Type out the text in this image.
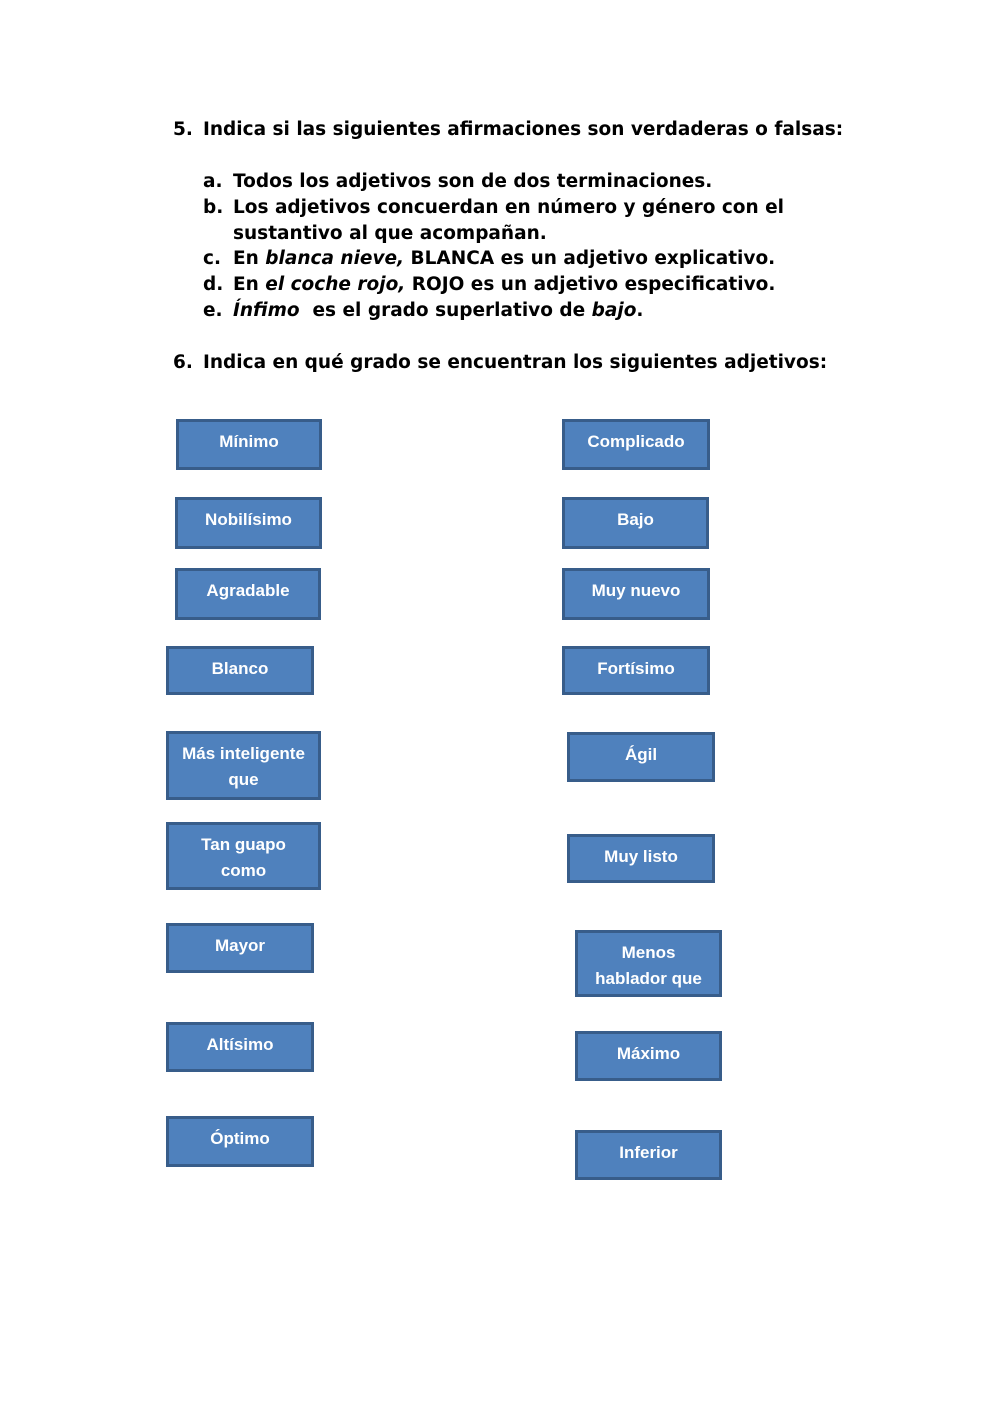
5. Indica si las siguientes afirmaciones son verdaderas o falsas:
a. Todos los adjetivos son de dos terminaciones.
b. Los adjetivos concuerdan en número y género con el
sustantivo al que acompañan.
c. En blanca nieve, BLANCA es un adjetivo explicativo.
d. En el coche rojo, ROJO es un adjetivo especificativo.
e. Ínfimo es el grado superlativo de bajo.
6. Indica en qué grado se encuentran los siguientes adjetivos:
Mínimo
Nobilísimo
Agradable
Blanco
Más inteligente
que
Tan guapo
como
Mayor
Altísimo
Óptimo
Complicado
Bajo
Muy nuevo
Fortísimo
Ágil
Muy listo
Menos
hablador que
Máximo
Inferior
